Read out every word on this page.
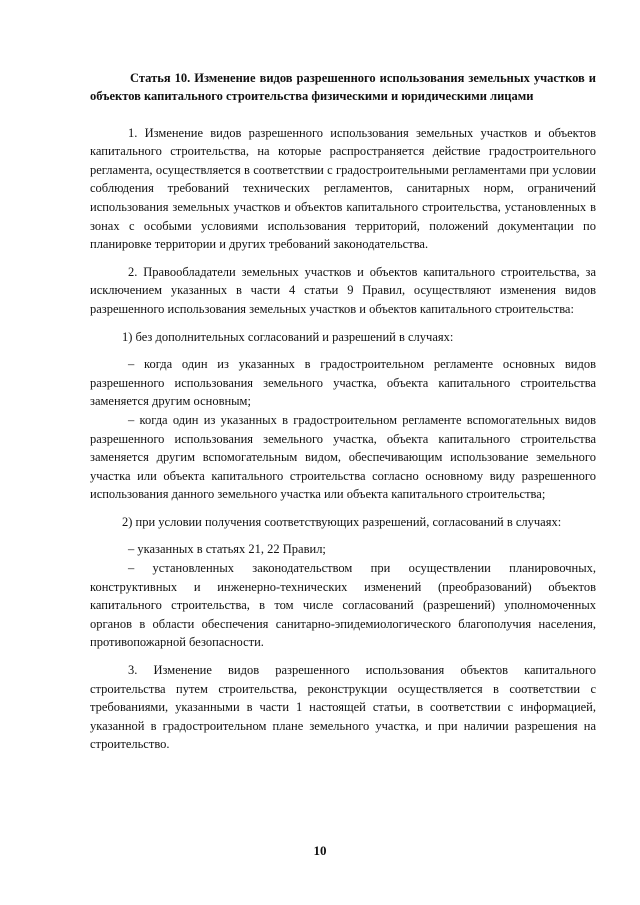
Статья 10. Изменение видов разрешенного использования земельных участков и объектов капитального строительства физическими и юридическими лицами

1. Изменение видов разрешенного использования земельных участков и объектов капитального строительства, на которые распространяется действие градостроительного регламента, осуществляется в соответствии с градостроительными регламентами при условии соблюдения требований технических регламентов, санитарных норм, ограничений использования земельных участков и объектов капитального строительства, установленных в зонах с особыми условиями использования территорий, положений документации по планировке территории и других требований законодательства.

2. Правообладатели земельных участков и объектов капитального строительства, за исключением указанных в части 4 статьи 9 Правил, осуществляют изменения видов разрешенного использования земельных участков и объектов капитального строительства:

1) без дополнительных согласований и разрешений в случаях:

– когда один из указанных в градостроительном регламенте основных видов разрешенного использования земельного участка, объекта капитального строительства заменяется другим основным;

– когда один из указанных в градостроительном регламенте вспомогательных видов разрешенного использования земельного участка, объекта капитального строительства заменяется другим вспомогательным видом, обеспечивающим использование земельного участка или объекта капитального строительства согласно основному виду разрешенного использования данного земельного участка или объекта капитального строительства;

2) при условии получения соответствующих разрешений, согласований в случаях:

– указанных в статьях 21, 22 Правил;

– установленных законодательством при осуществлении планировочных, конструктивных и инженерно-технических изменений (преобразований) объектов капитального строительства, в том числе согласований (разрешений) уполномоченных органов в области обеспечения санитарно-эпидемиологического благополучия населения, противопожарной безопасности.

3. Изменение видов разрешенного использования объектов капитального строительства путем строительства, реконструкции осуществляется в соответствии с требованиями, указанными в части 1 настоящей статьи, в соответствии с информацией, указанной в градостроительном плане земельного участка, и при наличии разрешения на строительство.

10
